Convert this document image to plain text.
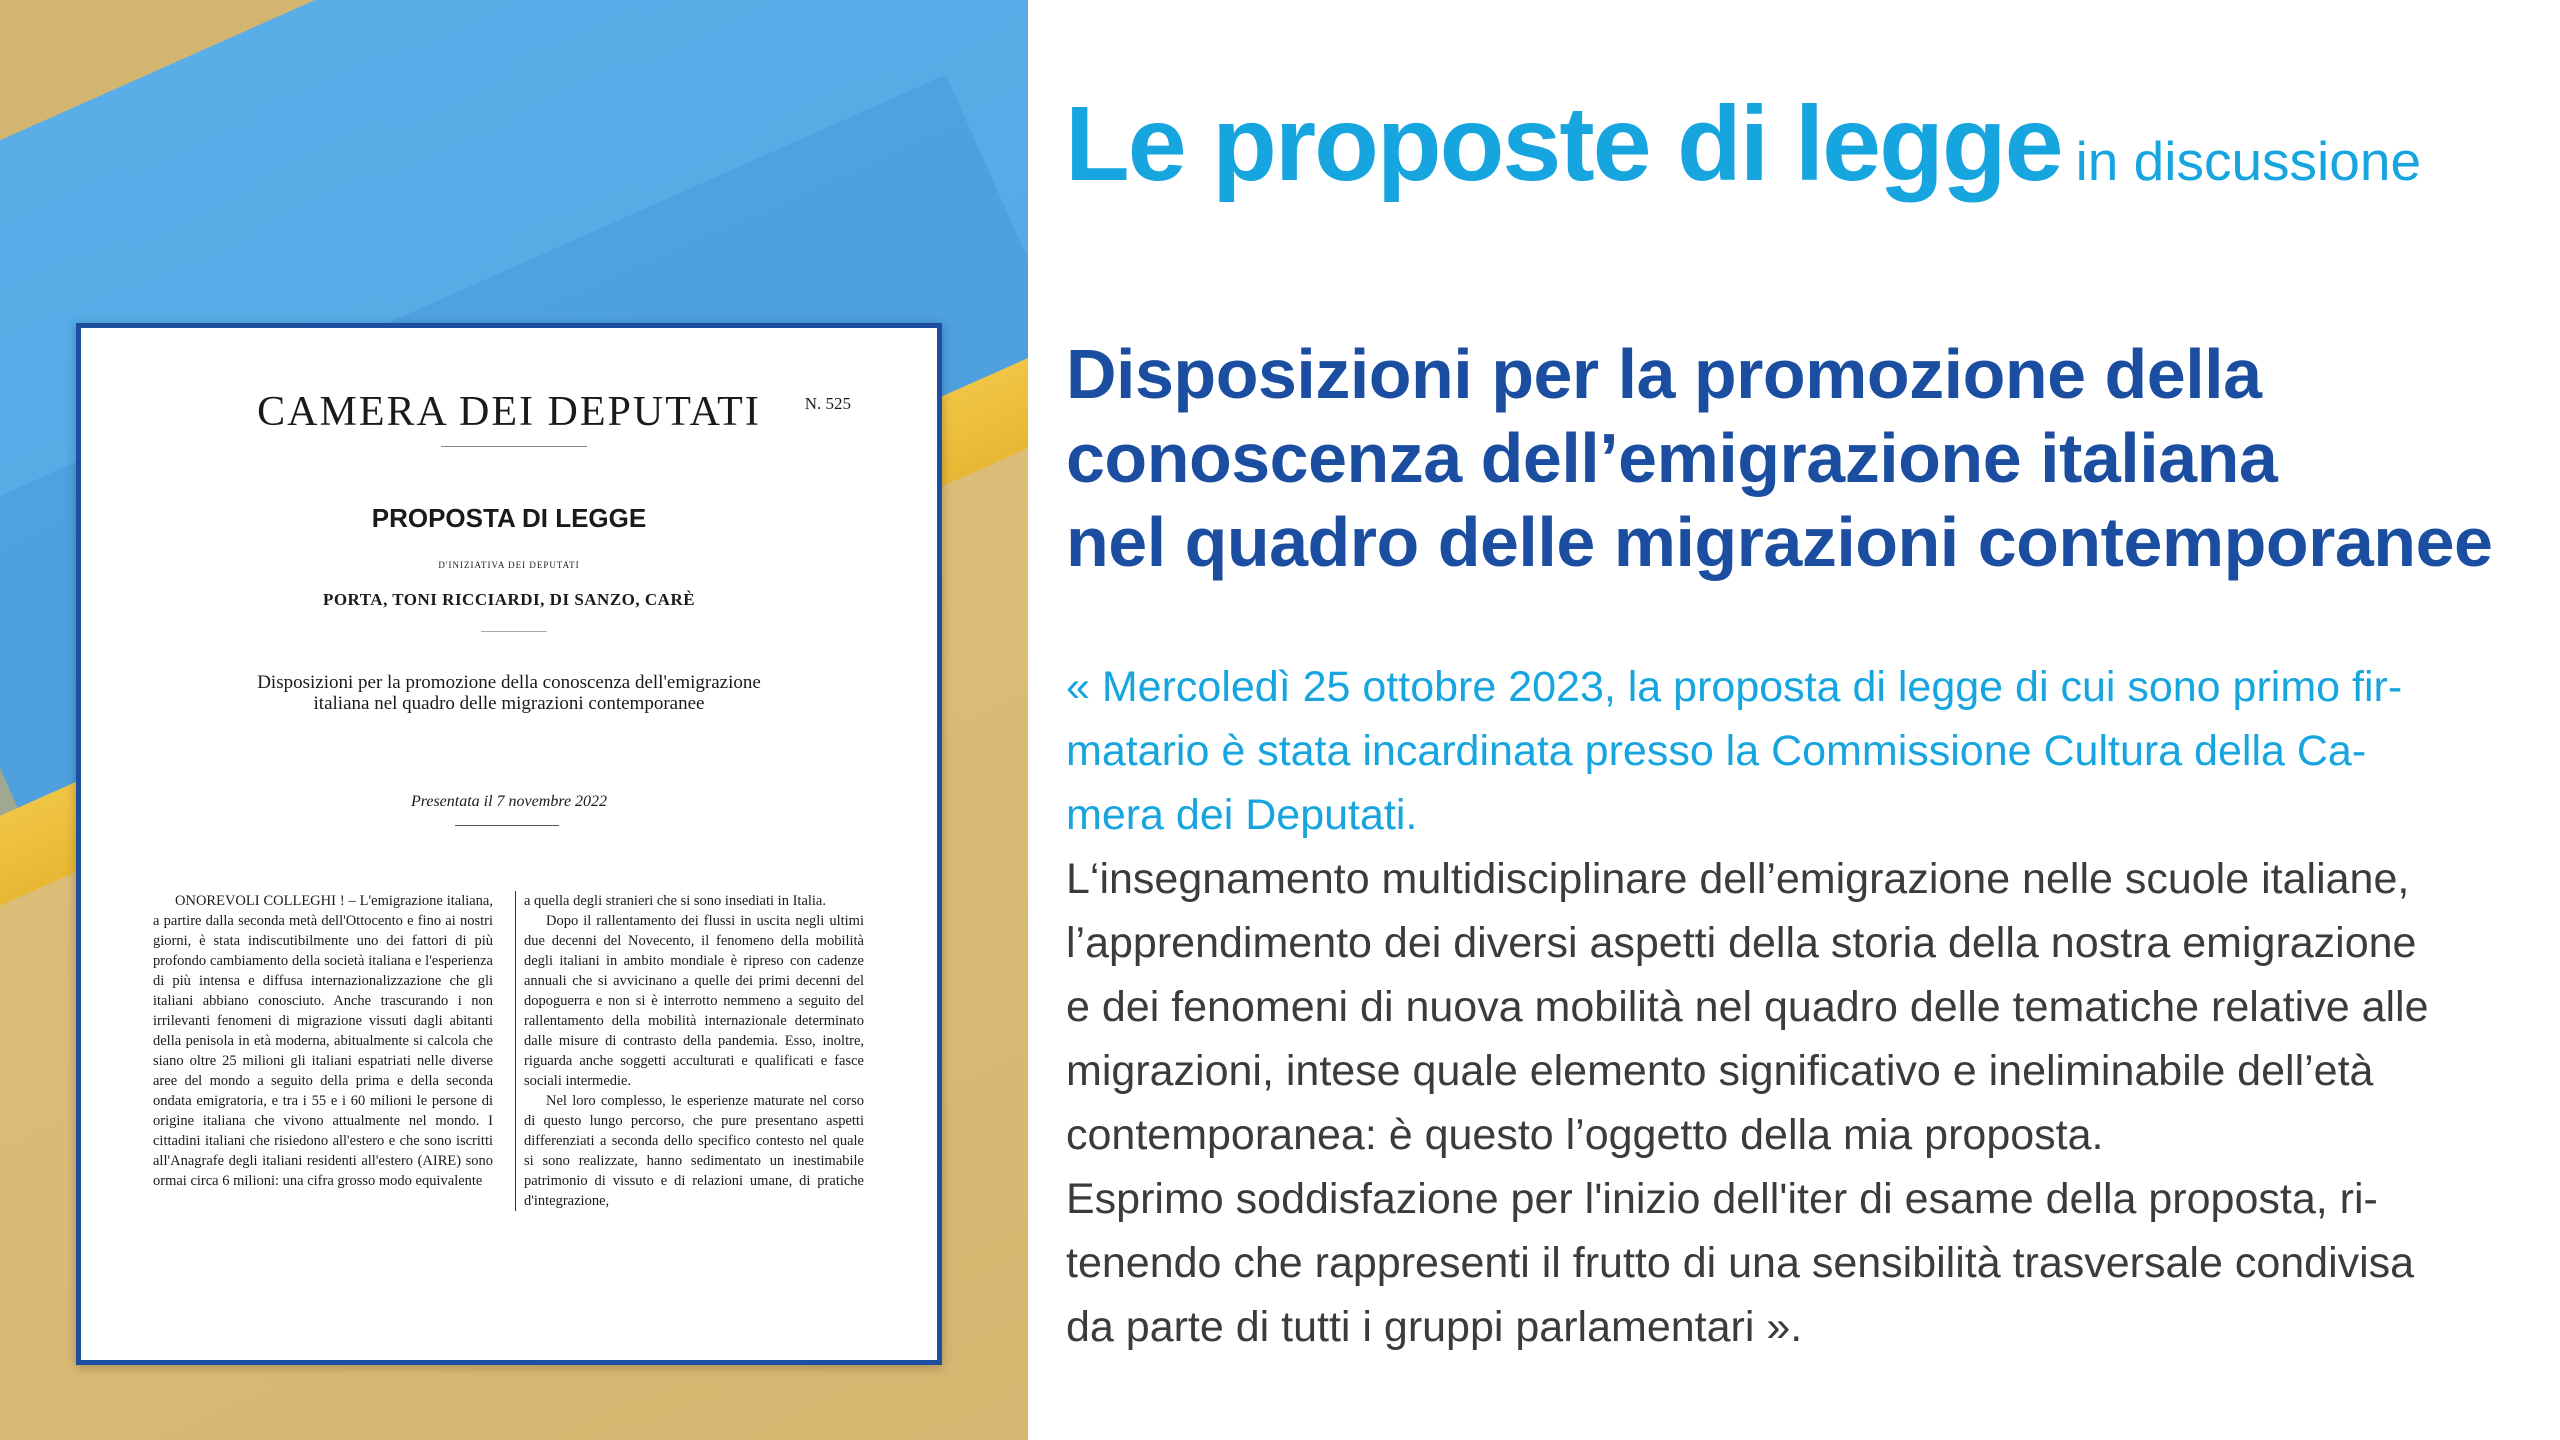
CAMERA DEI DEPUTATI	N. 525
PROPOSTA DI LEGGE
D'INIZIATIVA DEI DEPUTATI
PORTA, TONI RICCIARDI, DI SANZO, CARÈ
Disposizioni per la promozione della conoscenza dell'emigrazione
italiana nel quadro delle migrazioni contemporanee
Presentata il 7 novembre 2022

ONOREVOLI COLLEGHI ! – L'emigrazione italiana, a partire dalla seconda metà dell'Ottocento e fino ai nostri giorni, è stata indiscutibilmente uno dei fattori di più profondo cambiamento della società italiana e l'esperienza di più intensa e diffusa internazionalizzazione che gli italiani abbiano conosciuto. Anche trascurando i non irrilevanti fenomeni di migrazione vissuti dagli abitanti della penisola in età moderna, abitualmente si calcola che siano oltre 25 milioni gli italiani espatriati nelle diverse aree del mondo a seguito della prima e della seconda ondata emigratoria, e tra i 55 e i 60 milioni le persone di origine italiana che vivono attualmente nel mondo. I cittadini italiani che risiedono all'estero e che sono iscritti all'Anagrafe degli italiani residenti all'estero (AIRE) sono ormai circa 6 milioni: una cifra grosso modo equivalente

a quella degli stranieri che si sono insediati in Italia.

Dopo il rallentamento dei flussi in uscita negli ultimi due decenni del Novecento, il fenomeno della mobilità degli italiani in ambito mondiale è ripreso con cadenze annuali che si avvicinano a quelle dei primi decenni del dopoguerra e non si è interrotto nemmeno a seguito del rallentamento della mobilità internazionale determinato dalle misure di contrasto della pandemia. Esso, inoltre, riguarda anche soggetti acculturati e qualificati e fasce sociali intermedie.

Nel loro complesso, le esperienze maturate nel corso di questo lungo percorso, che pure presentano aspetti differenziati a seconda dello specifico contesto nel quale si sono realizzate, hanno sedimentato un inestimabile patrimonio di vissuto e di relazioni umane, di pratiche d'integrazione,

Le proposte di legge in discussione
Disposizioni per la promozione della
conoscenza dell’emigrazione italiana
nel quadro delle migrazioni contemporanee
« Mercoledì 25 ottobre 2023, la proposta di legge di cui sono primo fir-
matario è stata incardinata presso la Commissione Cultura della Ca-
mera dei Deputati.
L‘insegnamento multidisciplinare dell’emigrazione nelle scuole italiane,
l’apprendimento dei diversi aspetti della storia della nostra emigrazione
e dei fenomeni di nuova mobilità nel quadro delle tematiche relative alle
migrazioni, intese quale elemento significativo e ineliminabile dell’età
contemporanea: è questo l’oggetto della mia proposta.
Esprimo soddisfazione per l'inizio dell'iter di esame della proposta, ri-
tenendo che rappresenti il frutto di una sensibilità trasversale condivisa
da parte di tutti i gruppi parlamentari ».
